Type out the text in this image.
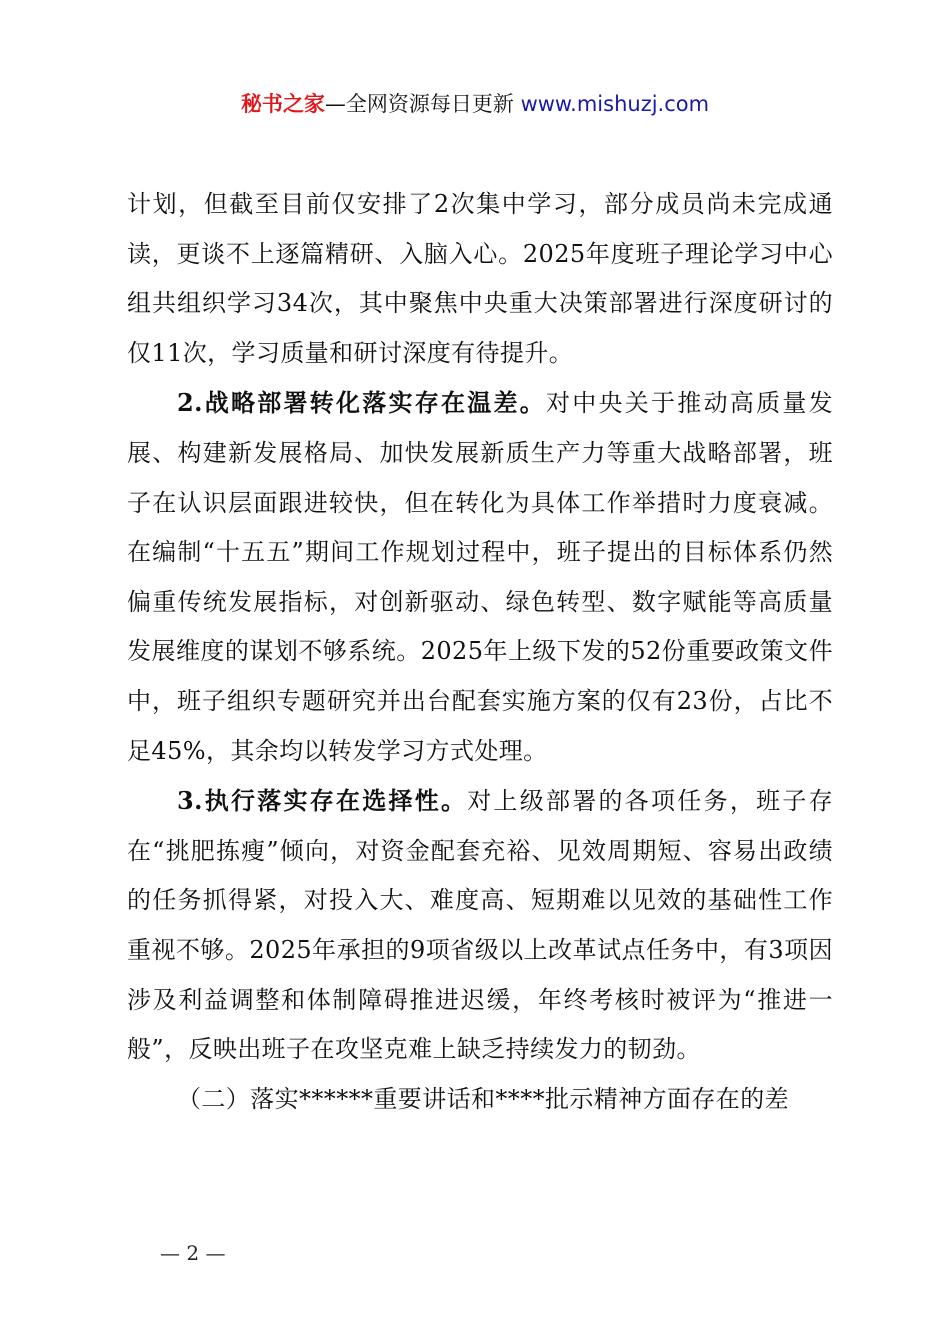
秘书之家—全网资源每日更新 www.mishuzj.com

计划，但截至目前仅安排了2次集中学习，部分成员尚未完成通读，更谈不上逐篇精研、入脑入心。2025年度班子理论学习中心组共组织学习34次，其中聚焦中央重大决策部署进行深度研讨的仅11次，学习质量和研讨深度有待提升。

2.战略部署转化落实存在温差。对中央关于推动高质量发展、构建新发展格局、加快发展新质生产力等重大战略部署，班子在认识层面跟进较快，但在转化为具体工作举措时力度衰减。在编制“十五五”期间工作规划过程中，班子提出的目标体系仍然偏重传统发展指标，对创新驱动、绿色转型、数字赋能等高质量发展维度的谋划不够系统。2025年上级下发的52份重要政策文件中，班子组织专题研究并出台配套实施方案的仅有23份，占比不足45%，其余均以转发学习方式处理。

3.执行落实存在选择性。对上级部署的各项任务，班子存在“挑肥拣瘦”倾向，对资金配套充裕、见效周期短、容易出政绩的任务抓得紧，对投入大、难度高、短期难以见效的基础性工作重视不够。2025年承担的9项省级以上改革试点任务中，有3项因涉及利益调整和体制障碍推进迟缓，年终考核时被评为“推进一般”，反映出班子在攻坚克难上缺乏持续发力的韧劲。

（二）落实******重要讲话和****批示精神方面存在的差

— 2 —
